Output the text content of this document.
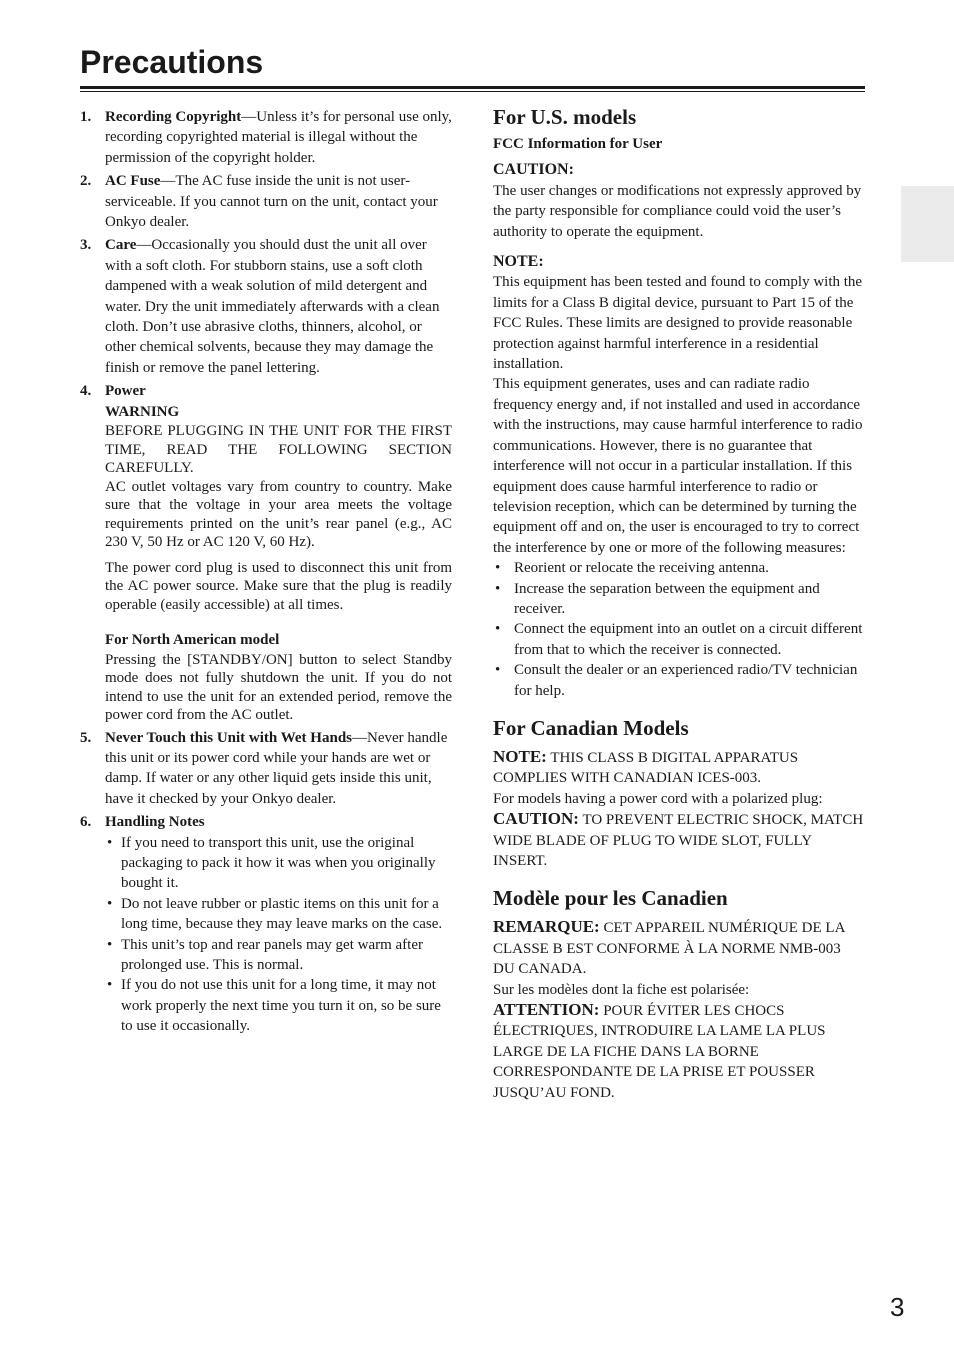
Precautions
1. Recording Copyright—Unless it’s for personal use only, recording copyrighted material is illegal without the permission of the copyright holder.
2. AC Fuse—The AC fuse inside the unit is not user-serviceable. If you cannot turn on the unit, contact your Onkyo dealer.
3. Care—Occasionally you should dust the unit all over with a soft cloth. For stubborn stains, use a soft cloth dampened with a weak solution of mild detergent and water. Dry the unit immediately afterwards with a clean cloth. Don’t use abrasive cloths, thinners, alcohol, or other chemical solvents, because they may damage the finish or remove the panel lettering.
4. Power
WARNING
BEFORE PLUGGING IN THE UNIT FOR THE FIRST TIME, READ THE FOLLOWING SECTION CAREFULLY.
AC outlet voltages vary from country to country. Make sure that the voltage in your area meets the voltage requirements printed on the unit’s rear panel (e.g., AC 230 V, 50 Hz or AC 120 V, 60 Hz).
The power cord plug is used to disconnect this unit from the AC power source. Make sure that the plug is readily operable (easily accessible) at all times.
For North American model
Pressing the [STANDBY/ON] button to select Standby mode does not fully shutdown the unit. If you do not intend to use the unit for an extended period, remove the power cord from the AC outlet.
5. Never Touch this Unit with Wet Hands—Never handle this unit or its power cord while your hands are wet or damp. If water or any other liquid gets inside this unit, have it checked by your Onkyo dealer.
6. Handling Notes
• If you need to transport this unit, use the original packaging to pack it how it was when you originally bought it.
• Do not leave rubber or plastic items on this unit for a long time, because they may leave marks on the case.
• This unit’s top and rear panels may get warm after prolonged use. This is normal.
• If you do not use this unit for a long time, it may not work properly the next time you turn it on, so be sure to use it occasionally.
For U.S. models
FCC Information for User
CAUTION:
The user changes or modifications not expressly approved by the party responsible for compliance could void the user’s authority to operate the equipment.
NOTE:
This equipment has been tested and found to comply with the limits for a Class B digital device, pursuant to Part 15 of the FCC Rules. These limits are designed to provide reasonable protection against harmful interference in a residential installation.
This equipment generates, uses and can radiate radio frequency energy and, if not installed and used in accordance with the instructions, may cause harmful interference to radio communications. However, there is no guarantee that interference will not occur in a particular installation. If this equipment does cause harmful interference to radio or television reception, which can be determined by turning the equipment off and on, the user is encouraged to try to correct the interference by one or more of the following measures:
• Reorient or relocate the receiving antenna.
• Increase the separation between the equipment and receiver.
• Connect the equipment into an outlet on a circuit different from that to which the receiver is connected.
• Consult the dealer or an experienced radio/TV technician for help.
For Canadian Models
NOTE: THIS CLASS B DIGITAL APPARATUS COMPLIES WITH CANADIAN ICES-003.
For models having a power cord with a polarized plug:
CAUTION: TO PREVENT ELECTRIC SHOCK, MATCH WIDE BLADE OF PLUG TO WIDE SLOT, FULLY INSERT.
Modèle pour les Canadien
REMARQUE: CET APPAREIL NUMÉRIQUE DE LA CLASSE B EST CONFORME À LA NORME NMB-003 DU CANADA.
Sur les modèles dont la fiche est polarisée:
ATTENTION: POUR ÉVITER LES CHOCS ÉLECTRIQUES, INTRODUIRE LA LAME LA PLUS LARGE DE LA FICHE DANS LA BORNE CORRESPONDANTE DE LA PRISE ET POUSSER JUSQU’AU FOND.
3
